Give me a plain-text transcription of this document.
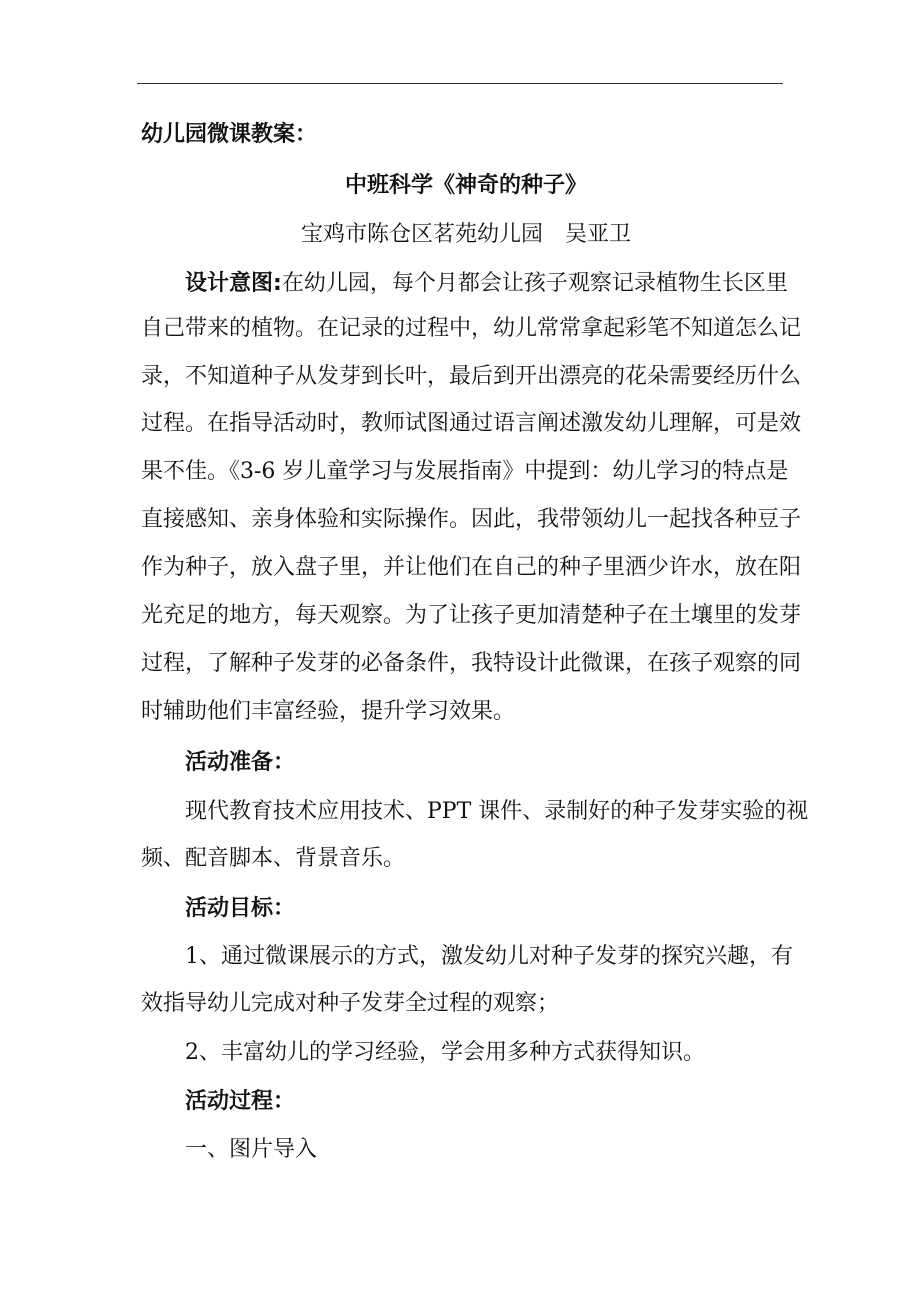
幼儿园微课教案：
中班科学《神奇的种子》
宝鸡市陈仓区茗苑幼儿园　吴亚卫
设计意图:在幼儿园，每个月都会让孩子观察记录植物生长区里
自己带来的植物。在记录的过程中，幼儿常常拿起彩笔不知道怎么记
录，不知道种子从发芽到长叶，最后到开出漂亮的花朵需要经历什么
过程。在指导活动时，教师试图通过语言阐述激发幼儿理解，可是效
果不佳。《3-6 岁儿童学习与发展指南》中提到：幼儿学习的特点是
直接感知、亲身体验和实际操作。因此，我带领幼儿一起找各种豆子
作为种子，放入盘子里，并让他们在自己的种子里洒少许水，放在阳
光充足的地方，每天观察。为了让孩子更加清楚种子在土壤里的发芽
过程，了解种子发芽的必备条件，我特设计此微课，在孩子观察的同
时辅助他们丰富经验，提升学习效果。
活动准备：
现代教育技术应用技术、PPT 课件、录制好的种子发芽实验的视
频、配音脚本、背景音乐。
活动目标：
1、通过微课展示的方式，激发幼儿对种子发芽的探究兴趣，有
效指导幼儿完成对种子发芽全过程的观察；
2、丰富幼儿的学习经验，学会用多种方式获得知识。
活动过程：
一、图片导入
